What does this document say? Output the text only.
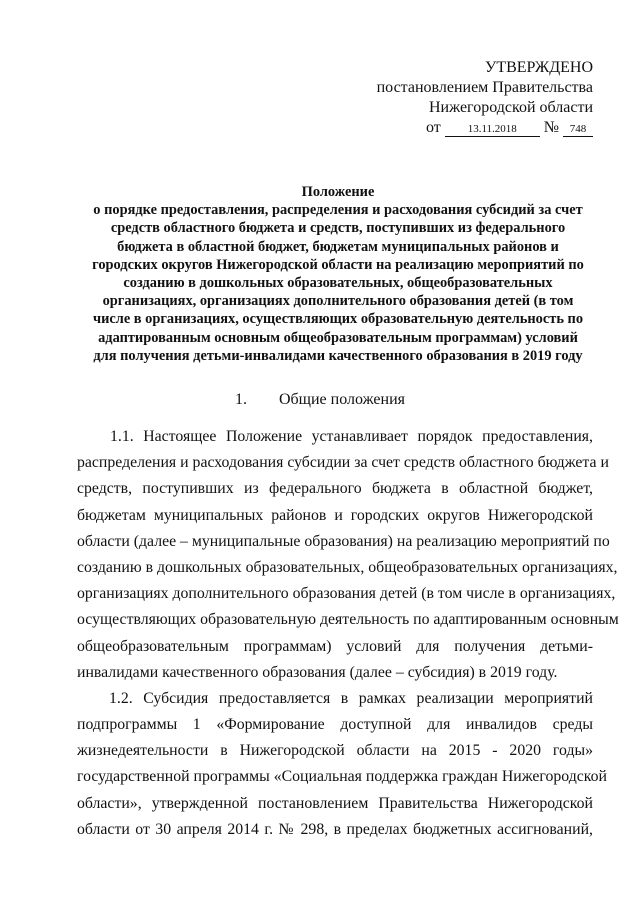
УТВЕРЖДЕНО
постановлением Правительства
Нижегородской области
от 13.11.2018 № 748
Положение
о порядке предоставления, распределения и расходования субсидий за счет
средств областного бюджета и средств, поступивших из федерального
бюджета в областной бюджет, бюджетам муниципальных районов и
городских округов Нижегородской области на реализацию мероприятий по
созданию в дошкольных образовательных, общеобразовательных
организациях, организациях дополнительного образования детей (в том
числе в организациях, осуществляющих образовательную деятельность по
адаптированным основным общеобразовательным программам) условий
для получения детьми-инвалидами качественного образования в 2019 году
1. Общие положения
1.1. Настоящее Положение устанавливает порядок предоставления,
распределения и расходования субсидии за счет средств областного бюджета и
средств, поступивших из федерального бюджета в областной бюджет,
бюджетам муниципальных районов и городских округов Нижегородской
области (далее – муниципальные образования) на реализацию мероприятий по
созданию в дошкольных образовательных, общеобразовательных организациях,
организациях дополнительного образования детей (в том числе в организациях,
осуществляющих образовательную деятельность по адаптированным основным
общеобразовательным программам) условий для получения детьми-
инвалидами качественного образования (далее – субсидия) в 2019 году.
1.2. Субсидия предоставляется в рамках реализации мероприятий
подпрограммы 1 «Формирование доступной для инвалидов среды
жизнедеятельности в Нижегородской области на 2015 - 2020 годы»
государственной программы «Социальная поддержка граждан Нижегородской
области», утвержденной постановлением Правительства Нижегородской
области от 30 апреля 2014 г. № 298, в пределах бюджетных ассигнований,
